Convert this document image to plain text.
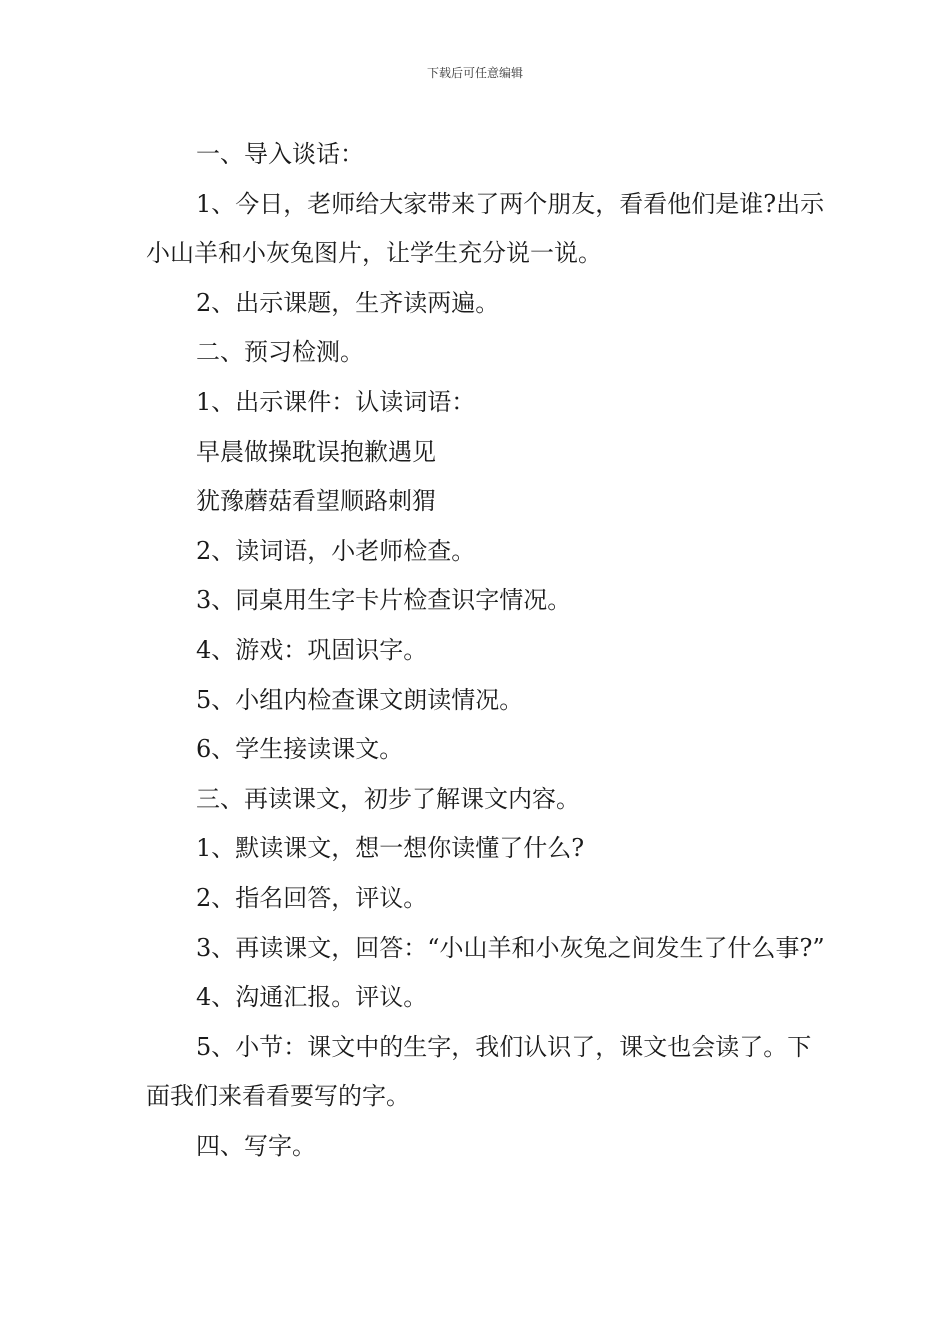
下载后可任意编辑

一、导入谈话：

1、今日，老师给大家带来了两个朋友，看看他们是谁?出示小山羊和小灰兔图片，让学生充分说一说。

2、出示课题，生齐读两遍。

二、预习检测。

1、出示课件：认读词语：

早晨做操耽误抱歉遇见

犹豫蘑菇看望顺路刺猬

2、读词语，小老师检查。

3、同桌用生字卡片检查识字情况。

4、游戏：巩固识字。

5、小组内检查课文朗读情况。

6、学生接读课文。

三、再读课文，初步了解课文内容。

1、默读课文，想一想你读懂了什么?

2、指名回答，评议。

3、再读课文，回答：“小山羊和小灰兔之间发生了什么事?”

4、沟通汇报。评议。

5、小节：课文中的生字，我们认识了，课文也会读了。下面我们来看看要写的字。

四、写字。
